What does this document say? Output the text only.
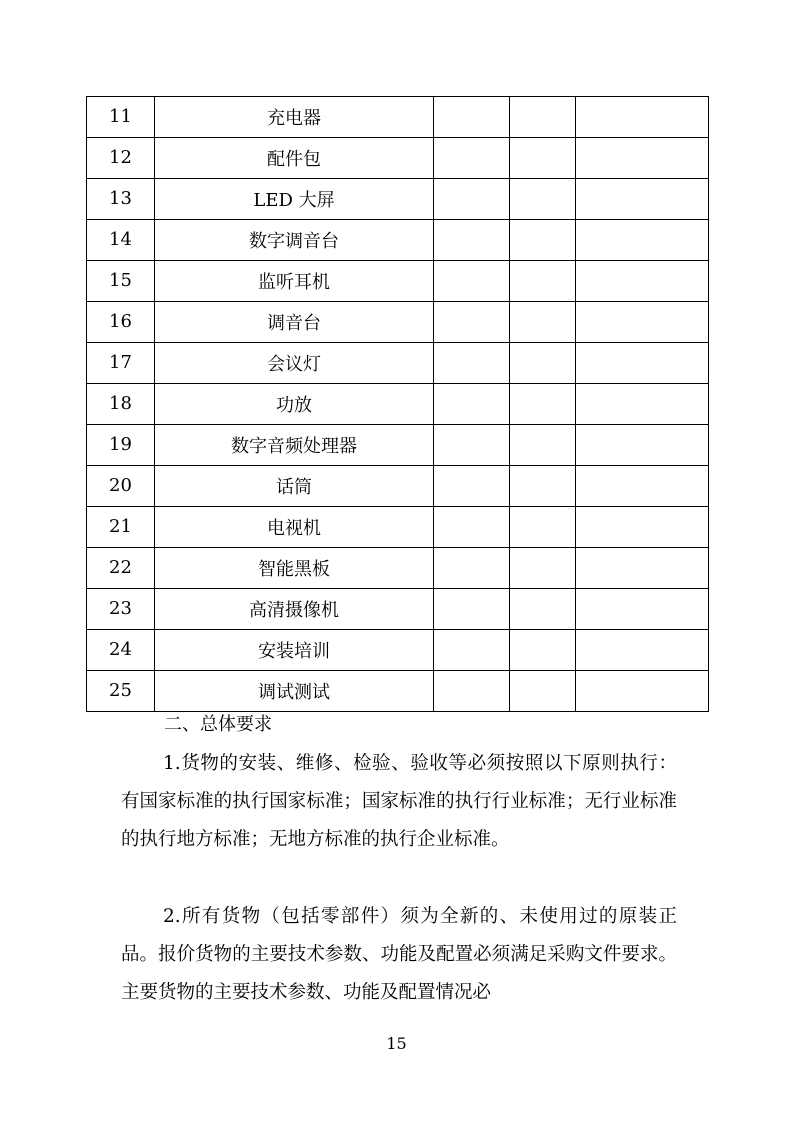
11	充电器			
12	配件包			
13	LED 大屏			
14	数字调音台			
15	监听耳机			
16	调音台			
17	会议灯			
18	功放			
19	数字音频处理器			
20	话筒			
21	电视机			
22	智能黑板			
23	高清摄像机			
24	安装培训			
25	调试测试			
二、总体要求

1.货物的安装、维修、检验、验收等必须按照以下原则执行：有国家标准的执行国家标准；国家标准的执行行业标准；无行业标准的执行地方标准；无地方标准的执行企业标准。

2.所有货物（包括零部件）须为全新的、未使用过的原装正品。报价货物的主要技术参数、功能及配置必须满足采购文件要求。主要货物的主要技术参数、功能及配置情况必

15
